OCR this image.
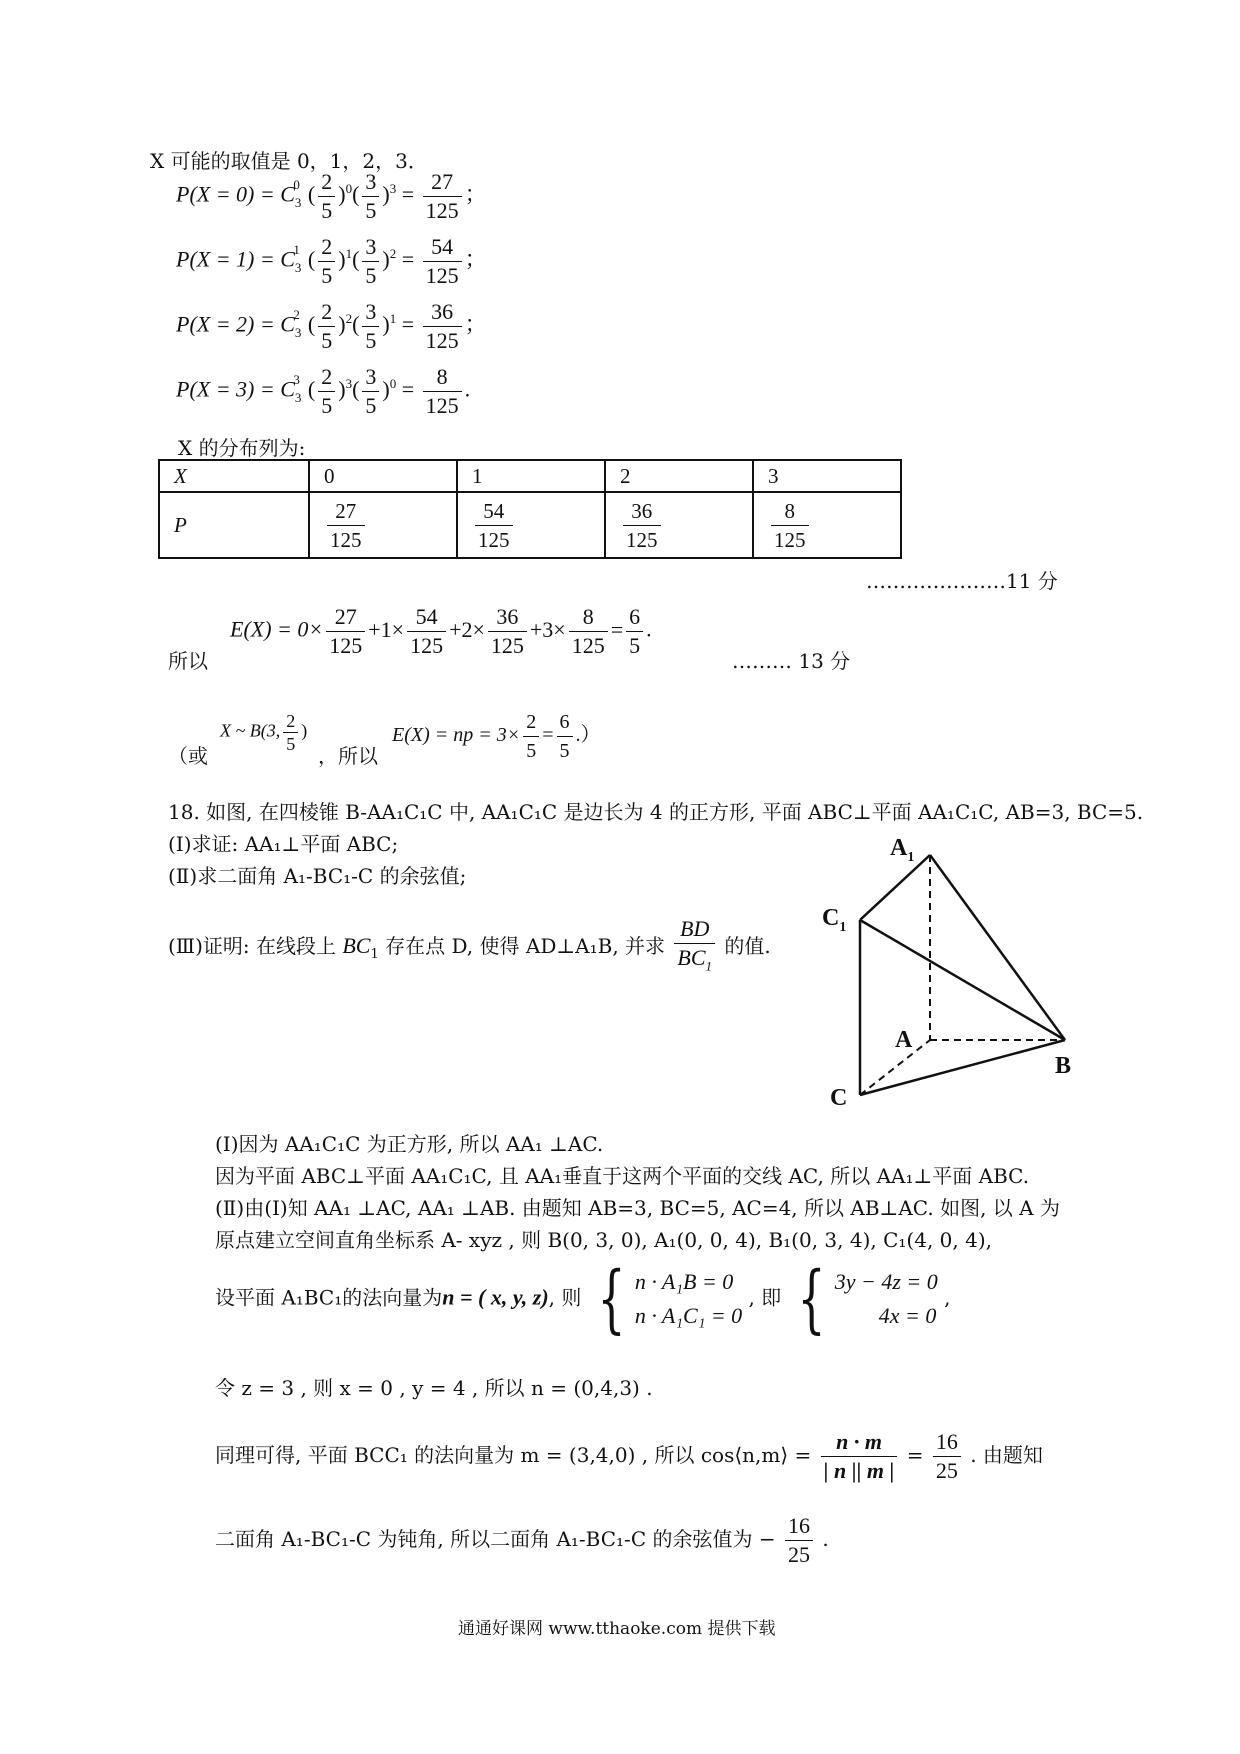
X 可能的取值是 0，1，2，3．
$P(X = 0) = C_3^0$ ( $\frac{2}{5} )^0( \frac{3}{5} )^3 = \frac{27}{125}$ ；
$P(X = 1) = C_3^1$ ( $\frac{2}{5} )^1( \frac{3}{5} )^2 = \frac{54}{125}$ ；
$P(X = 2) = C_3^2$ ( $\frac{2}{5} )^2( \frac{3}{5} )^1 = \frac{36}{125}$ ；
$P(X = 3) = C_3^3$ ( $\frac{2}{5} )^3( \frac{3}{5} )^0 = \frac{8}{125}$ .
X 的分布列为:
X	0	1	2	3
P	$\frac{27}{125}$	$\frac{54}{125}$	$\frac{36}{125}$	$\frac{8}{125}$
…………………11 分
所以
$E(X) = 0\times \frac{27}{125} +1\times \frac{54}{125} +2\times \frac{36}{125} +3\times \frac{8}{125} = \frac{6}{5}$ .
……… 13 分
（或
X ~ B(3, $\frac{2}{5}$ )
，所以
E(X) = np = $3\times \frac{2}{5} = \frac{6}{5}$ .）
18. 如图, 在四棱锥 B-AA₁C₁C 中, AA₁C₁C 是边长为 4 的正方形, 平面 ABC⊥平面 AA₁C₁C, AB=3, BC=5.
(Ⅰ)求证: AA₁⊥平面 ABC;
(Ⅱ)求二面角 A₁-BC₁-C 的余弦值;
(Ⅲ)证明: 在线段上 $BC_1$ 存在点 D, 使得 AD⊥A₁B, 并求 $\frac{BD}{BC_1}$ 的值.
$A_1$
$C_1$
A
B
C
(Ⅰ)因为 AA₁C₁C 为正方形, 所以 AA₁ ⊥AC.
因为平面 ABC⊥平面 AA₁C₁C, 且 AA₁垂直于这两个平面的交线 AC, 所以 AA₁⊥平面 ABC.
(Ⅱ)由(Ⅰ)知 AA₁ ⊥AC, AA₁ ⊥AB. 由题知 AB=3, BC=5, AC=4, 所以 AB⊥AC. 如图, 以 A 为
原点建立空间直角坐标系 A- xyz , 则 B(0, 3, 0), A₁(0, 0, 4), B₁(0, 3, 4), C₁(4, 0, 4),
设平面 A₁BC₁的法向量为n = ( x, y, z), 则 { n · A₁B = 0
n · A₁C₁ = 0
, 即 { 3y − 4z = 0
4x = 0
,
令 z = 3 , 则 x = 0 , y = 4 , 所以 n = (0,4,3) .
同理可得, 平面 BCC₁ 的法向量为 m = (3,4,0) , 所以 cos⟨n,m⟩ = $\frac{n \cdot m}{| n || m |} = \frac{16}{25}$ . 由题知
二面角 A₁-BC₁-C 为钝角, 所以二面角 A₁-BC₁-C 的余弦值为 − $\frac{16}{25}$ .
通通好课网 www.tthaoke.com 提供下载
